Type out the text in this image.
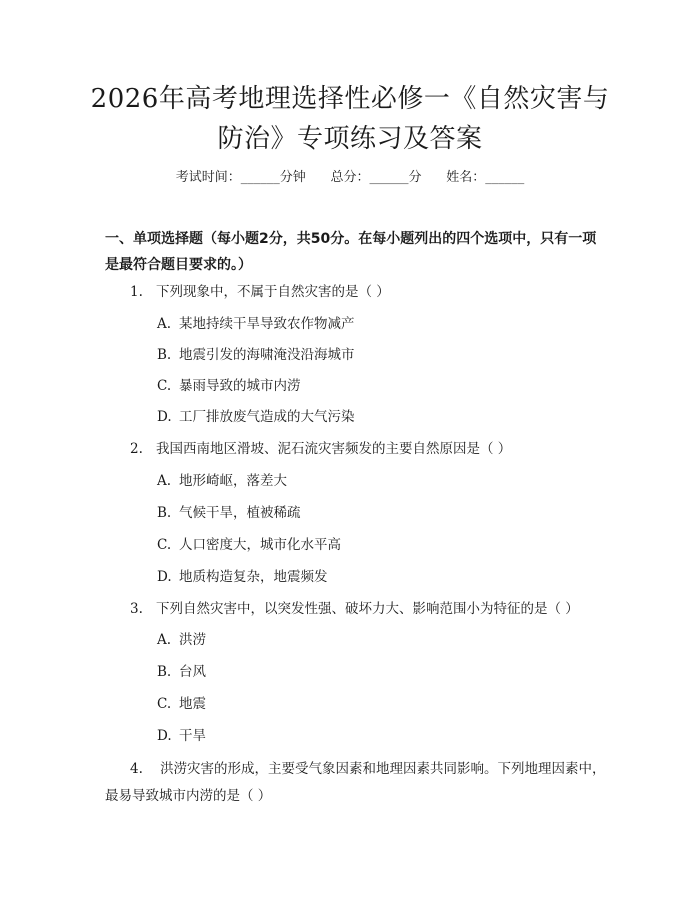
2026年高考地理选择性必修一《自然灾害与
防治》专项练习及答案
考试时间：______分钟      总分：______分      姓名：______
一、单项选择题（每小题2分，共50分。在每小题列出的四个选项中，只有一项是最符合题目要求的。）
1. 下列现象中，不属于自然灾害的是（ ）
A. 某地持续干旱导致农作物减产
B. 地震引发的海啸淹没沿海城市
C. 暴雨导致的城市内涝
D. 工厂排放废气造成的大气污染
2. 我国西南地区滑坡、泥石流灾害频发的主要自然原因是（ ）
A. 地形崎岖，落差大
B. 气候干旱，植被稀疏
C. 人口密度大，城市化水平高
D. 地质构造复杂，地震频发
3. 下列自然灾害中，以突发性强、破坏力大、影响范围小为特征的是（ ）
A. 洪涝
B. 台风
C. 地震
D. 干旱
4. 洪涝灾害的形成，主要受气象因素和地理因素共同影响。下列地理因素中，最易导致城市内涝的是（ ）
